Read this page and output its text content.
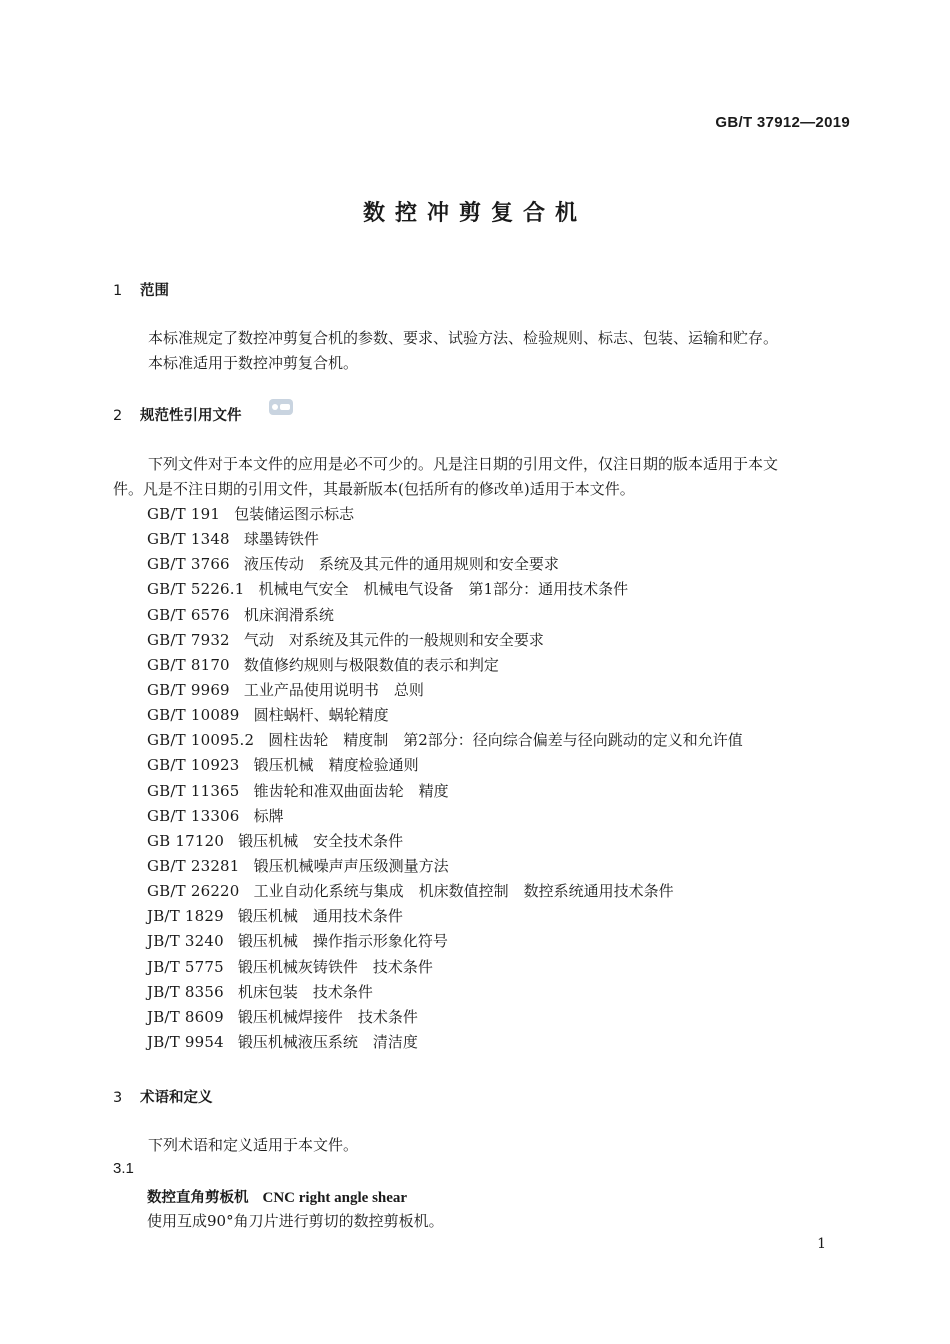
GB/T 37912—2019
数控冲剪复合机
1 范围
本标准规定了数控冲剪复合机的参数、要求、试验方法、检验规则、标志、包装、运输和贮存。
本标准适用于数控冲剪复合机。
2 规范性引用文件
下列文件对于本文件的应用是必不可少的。凡是注日期的引用文件，仅注日期的版本适用于本文
件。凡是不注日期的引用文件，其最新版本(包括所有的修改单)适用于本文件。
GB/T 191 包装储运图示标志
GB/T 1348 球墨铸铁件
GB/T 3766 液压传动　系统及其元件的通用规则和安全要求
GB/T 5226.1 机械电气安全　机械电气设备　第1部分：通用技术条件
GB/T 6576 机床润滑系统
GB/T 7932 气动　对系统及其元件的一般规则和安全要求
GB/T 8170 数值修约规则与极限数值的表示和判定
GB/T 9969 工业产品使用说明书　总则
GB/T 10089 圆柱蜗杆、蜗轮精度
GB/T 10095.2 圆柱齿轮　精度制　第2部分：径向综合偏差与径向跳动的定义和允许值
GB/T 10923 锻压机械　精度检验通则
GB/T 11365 锥齿轮和准双曲面齿轮　精度
GB/T 13306 标牌
GB 17120 锻压机械　安全技术条件
GB/T 23281 锻压机械噪声声压级测量方法
GB/T 26220 工业自动化系统与集成　机床数值控制　数控系统通用技术条件
JB/T 1829 锻压机械　通用技术条件
JB/T 3240 锻压机械　操作指示形象化符号
JB/T 5775 锻压机械灰铸铁件　技术条件
JB/T 8356 机床包装　技术条件
JB/T 8609 锻压机械焊接件　技术条件
JB/T 9954 锻压机械液压系统　清洁度
3 术语和定义
下列术语和定义适用于本文件。
3.1
数控直角剪板机 CNC right angle shear
使用互成90°角刀片进行剪切的数控剪板机。
1
